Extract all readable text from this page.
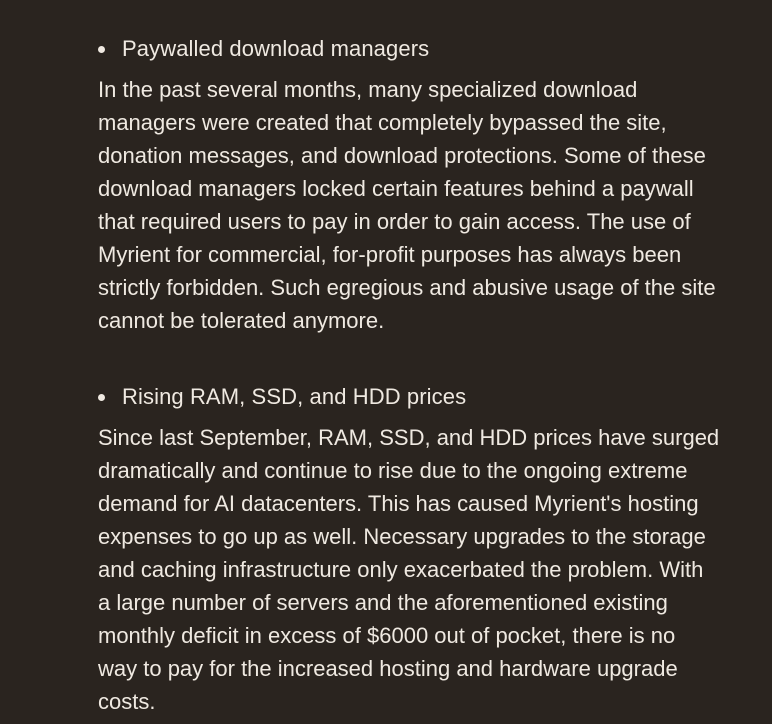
Paywalled download managers

In the past several months, many specialized download
managers were created that completely bypassed the site,
donation messages, and download protections. Some of these
download managers locked certain features behind a paywall
that required users to pay in order to gain access. The use of
Myrient for commercial, for-profit purposes has always been
strictly forbidden. Such egregious and abusive usage of the site
cannot be tolerated anymore.

Rising RAM, SSD, and HDD prices

Since last September, RAM, SSD, and HDD prices have surged
dramatically and continue to rise due to the ongoing extreme
demand for AI datacenters. This has caused Myrient's hosting
expenses to go up as well. Necessary upgrades to the storage
and caching infrastructure only exacerbated the problem. With
a large number of servers and the aforementioned existing
monthly deficit in excess of $6000 out of pocket, there is no
way to pay for the increased hosting and hardware upgrade
costs.
